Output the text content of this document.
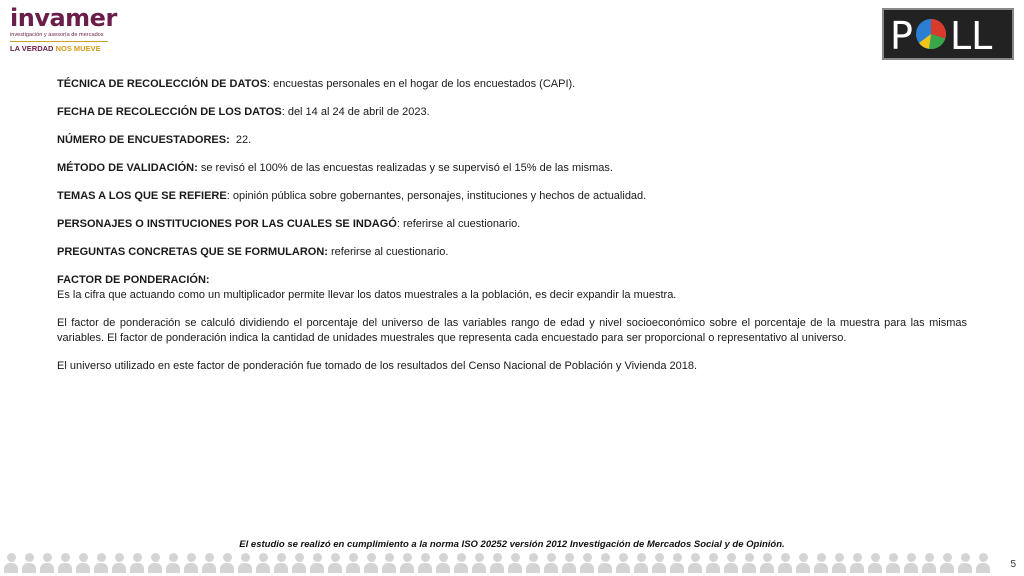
invamer
investigación y asesoría de mercados
LA VERDAD NOS MUEVE	P LL
POLL
TÉCNICA DE RECOLECCIÓN DE DATOS: encuestas personales en el hogar de los encuestados (CAPI).
FECHA DE RECOLECCIÓN DE LOS DATOS: del 14 al 24 de abril de 2023.
NÚMERO DE ENCUESTADORES:  22.
MÉTODO DE VALIDACIÓN: se revisó el 100% de las encuestas realizadas y se supervisó el 15% de las mismas.
TEMAS A LOS QUE SE REFIERE: opinión pública sobre gobernantes, personajes, instituciones y hechos de actualidad.
PERSONAJES O INSTITUCIONES POR LAS CUALES SE INDAGÓ: referirse al cuestionario.
PREGUNTAS CONCRETAS QUE SE FORMULARON: referirse al cuestionario.
FACTOR DE PONDERACIÓN:
Es la cifra que actuando como un multiplicador permite llevar los datos muestrales a la población, es decir expandir la muestra.
El factor de ponderación se calculó dividiendo el porcentaje del universo de las variables rango de edad y nivel socioeconómico sobre el porcentaje de la muestra para las mismas variables. El factor de ponderación indica la cantidad de unidades muestrales que representa cada encuestado para ser proporcional o representativo al universo.
El universo utilizado en este factor de ponderación fue tomado de los resultados del Censo Nacional de Población y Vivienda 2018.
El estudio se realizó en cumplimiento a la norma ISO 20252 versión 2012 Investigación de Mercados Social y de Opinión.
5
